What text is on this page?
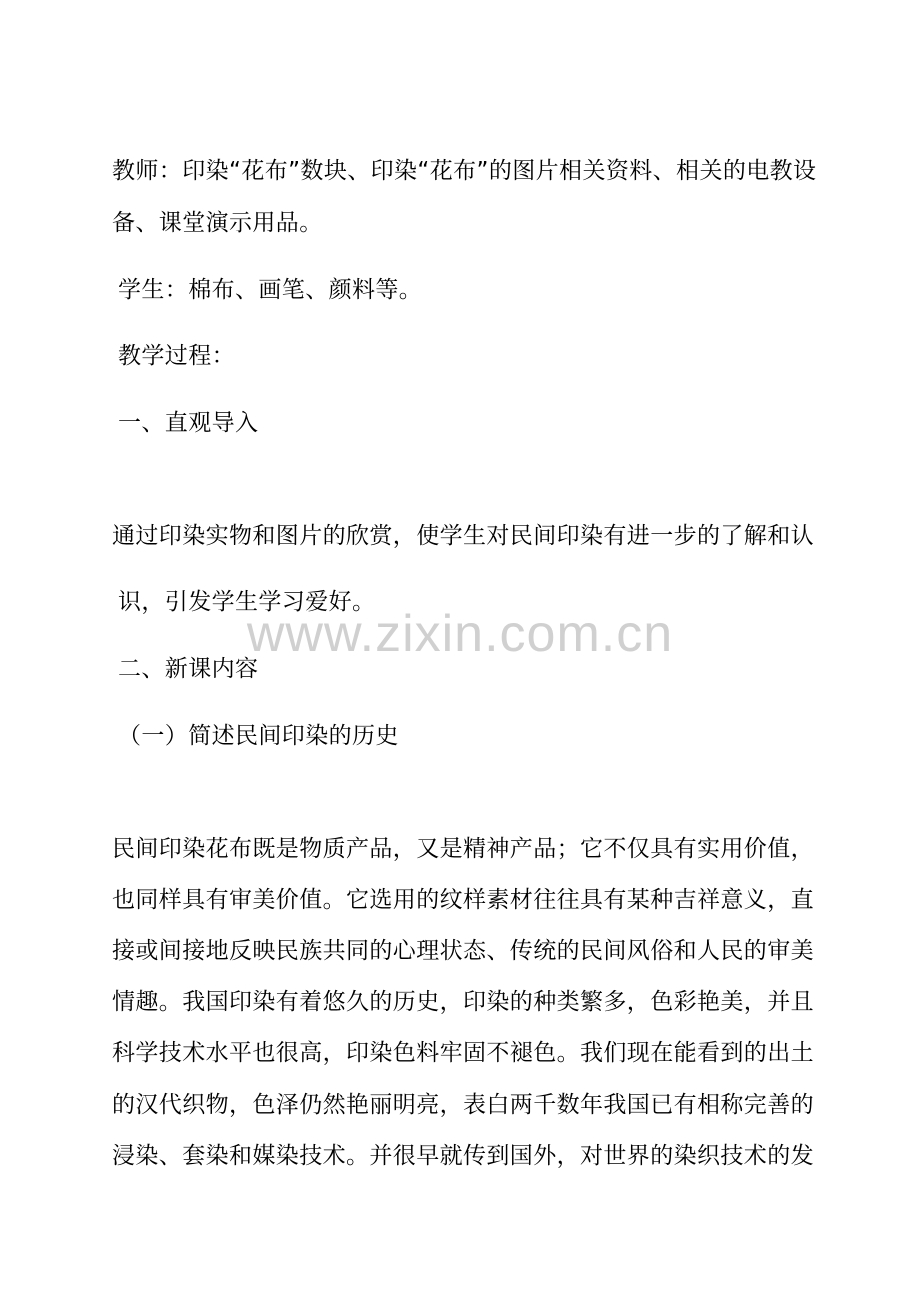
教师：印染“花布”数块、印染“花布”的图片相关资料、相关的电教设
备、课堂演示用品。
学生：棉布、画笔、颜料等。
教学过程：
一、直观导入
通过印染实物和图片的欣赏，使学生对民间印染有进一步的了解和认
识，引发学生学习爱好。
二、新课内容
（一）简述民间印染的历史
民间印染花布既是物质产品，又是精神产品；它不仅具有实用价值，
也同样具有审美价值。它选用的纹样素材往往具有某种吉祥意义，直
接或间接地反映民族共同的心理状态、传统的民间风俗和人民的审美
情趣。我国印染有着悠久的历史，印染的种类繁多，色彩艳美，并且
科学技术水平也很高，印染色料牢固不褪色。我们现在能看到的出土
的汉代织物，色泽仍然艳丽明亮，表白两千数年我国已有相称完善的
浸染、套染和媒染技术。并很早就传到国外，对世界的染织技术的发
www.zixin.com.cn
